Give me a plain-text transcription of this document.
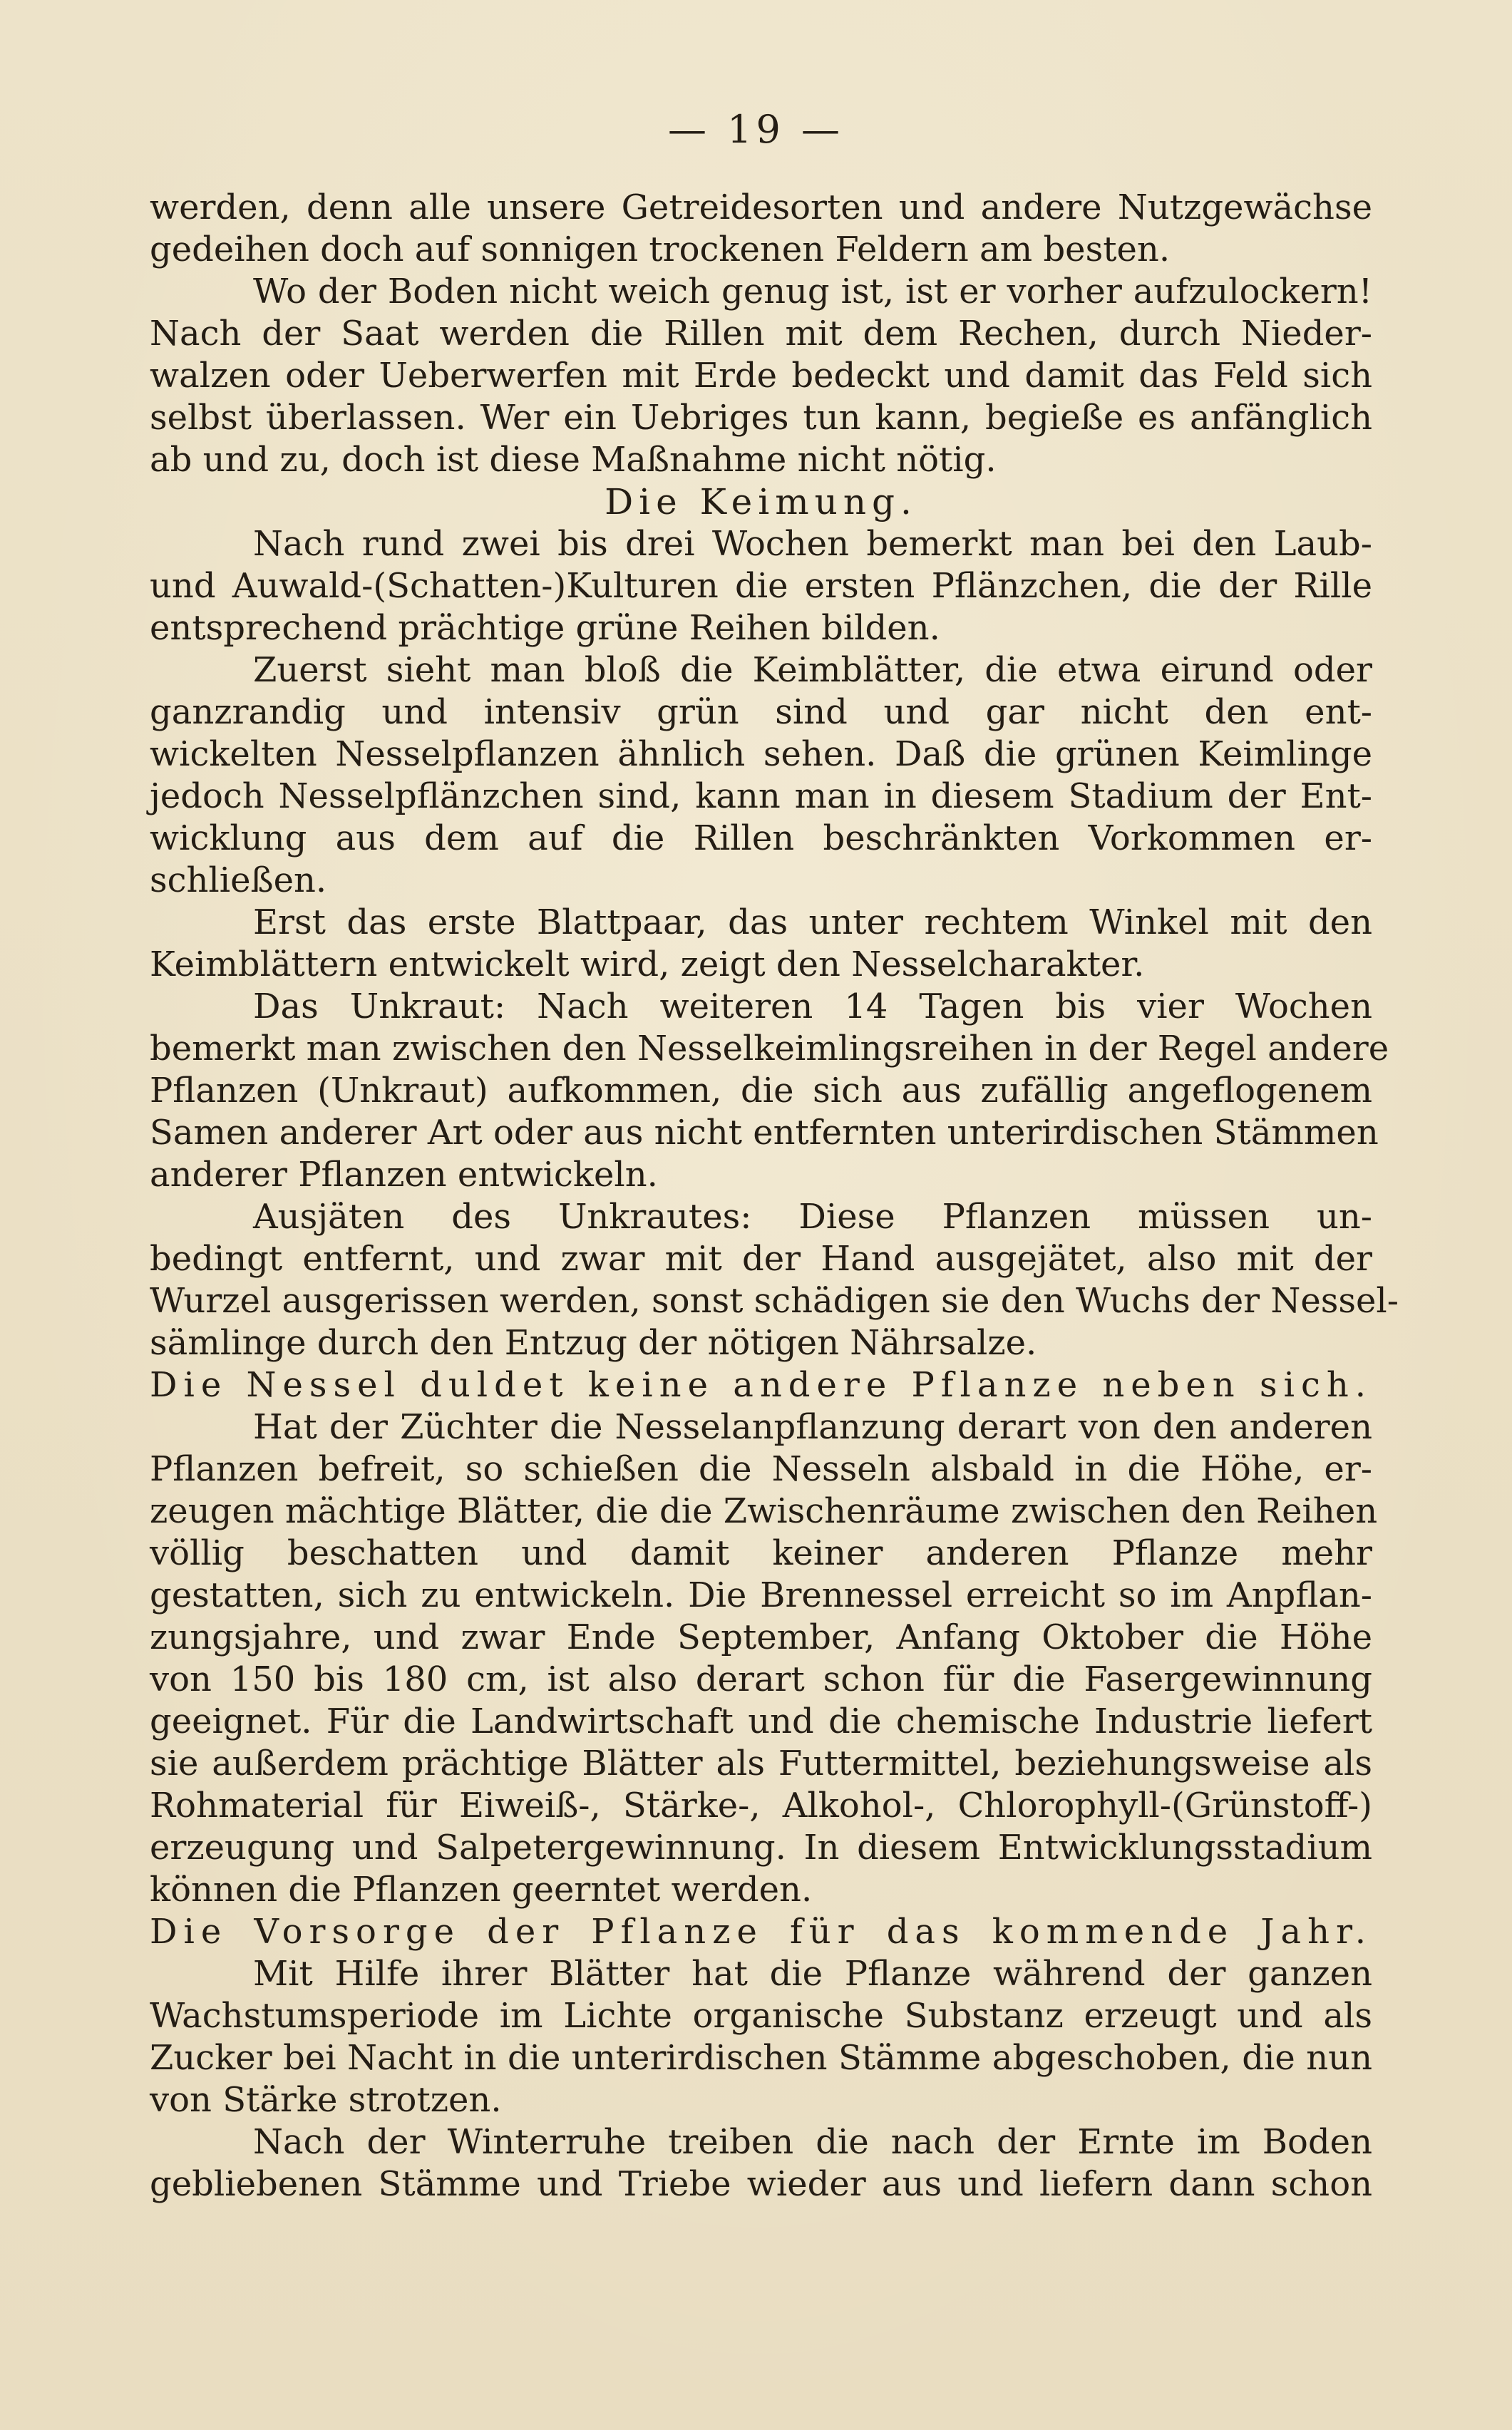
— 19 —
werden, denn alle unsere Getreidesorten und andere Nutzgewächse
gedeihen doch auf sonnigen trockenen Feldern am besten.
Wo der Boden nicht weich genug ist, ist er vorher aufzulockern!
Nach der Saat werden die Rillen mit dem Rechen, durch Nieder-
walzen oder Ueberwerfen mit Erde bedeckt und damit das Feld sich
selbst überlassen. Wer ein Uebriges tun kann, begieße es anfänglich
ab und zu, doch ist diese Maßnahme nicht nötig.
Die Keimung.
Nach rund zwei bis drei Wochen bemerkt man bei den Laub-
und Auwald-(Schatten-)Kulturen die ersten Pflänzchen, die der Rille
entsprechend prächtige grüne Reihen bilden.
Zuerst sieht man bloß die Keimblätter, die etwa eirund oder
ganzrandig und intensiv grün sind und gar nicht den ent-
wickelten Nesselpflanzen ähnlich sehen. Daß die grünen Keimlinge
jedoch Nesselpflänzchen sind, kann man in diesem Stadium der Ent-
wicklung aus dem auf die Rillen beschränkten Vorkommen er-
schließen.
Erst das erste Blattpaar, das unter rechtem Winkel mit den
Keimblättern entwickelt wird, zeigt den Nesselcharakter.
Das Unkraut: Nach weiteren 14 Tagen bis vier Wochen
bemerkt man zwischen den Nesselkeimlingsreihen in der Regel andere
Pflanzen (Unkraut) aufkommen, die sich aus zufällig angeflogenem
Samen anderer Art oder aus nicht entfernten unterirdischen Stämmen
anderer Pflanzen entwickeln.
Ausjäten des Unkrautes: Diese Pflanzen müssen un-
bedingt entfernt, und zwar mit der Hand ausgejätet, also mit der
Wurzel ausgerissen werden, sonst schädigen sie den Wuchs der Nessel-
sämlinge durch den Entzug der nötigen Nährsalze.
Die Nessel duldet keine andere Pflanze neben sich.
Hat der Züchter die Nesselanpflanzung derart von den anderen
Pflanzen befreit, so schießen die Nesseln alsbald in die Höhe, er-
zeugen mächtige Blätter, die die Zwischenräume zwischen den Reihen
völlig beschatten und damit keiner anderen Pflanze mehr
gestatten, sich zu entwickeln. Die Brennessel erreicht so im Anpflan-
zungsjahre, und zwar Ende September, Anfang Oktober die Höhe
von 150 bis 180 cm, ist also derart schon für die Fasergewinnung
geeignet. Für die Landwirtschaft und die chemische Industrie liefert
sie außerdem prächtige Blätter als Futtermittel, beziehungsweise als
Rohmaterial für Eiweiß-, Stärke-, Alkohol-, Chlorophyll-(Grünstoff-)
erzeugung und Salpetergewinnung. In diesem Entwicklungsstadium
können die Pflanzen geerntet werden.
Die Vorsorge der Pflanze für das kommende Jahr.
Mit Hilfe ihrer Blätter hat die Pflanze während der ganzen
Wachstumsperiode im Lichte organische Substanz erzeugt und als
Zucker bei Nacht in die unterirdischen Stämme abgeschoben, die nun
von Stärke strotzen.
Nach der Winterruhe treiben die nach der Ernte im Boden
gebliebenen Stämme und Triebe wieder aus und liefern dann schon
